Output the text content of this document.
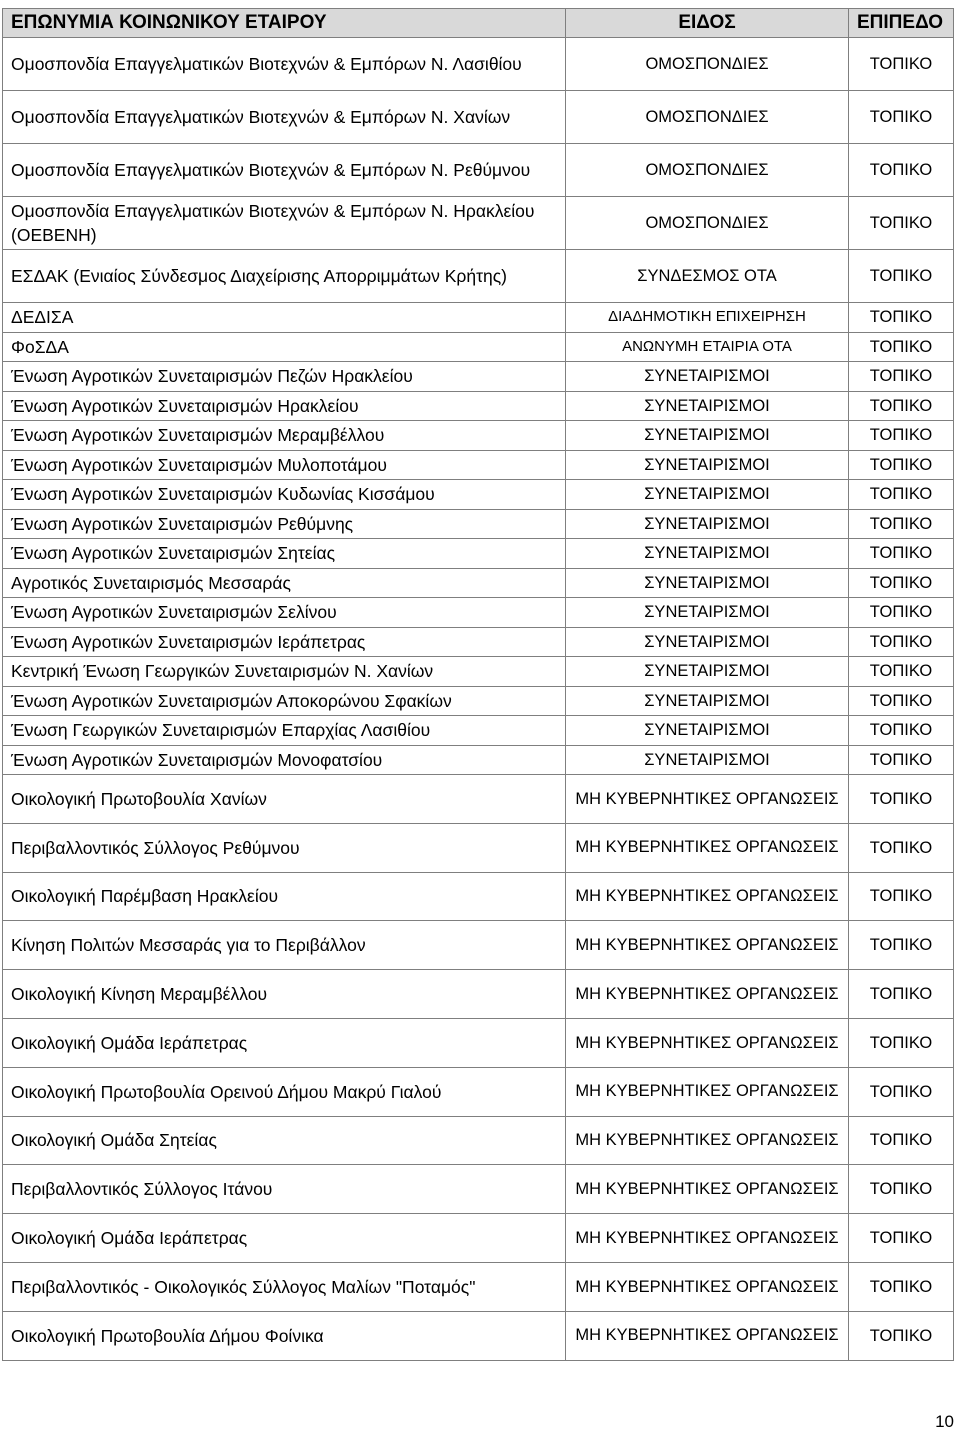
ΕΠΩΝΥΜΙΑ ΚΟΙΝΩΝΙΚΟΥ ΕΤΑΙΡΟΥ	ΕΙΔΟΣ	ΕΠΙΠΕΔΟ
Ομοσπονδία Επαγγελματικών Βιοτεχνών & Εμπόρων Ν. Λασιθίου	ΟΜΟΣΠΟΝΔΙΕΣ	ΤΟΠΙΚΟ
Ομοσπονδία Επαγγελματικών Βιοτεχνών & Εμπόρων Ν. Χανίων	ΟΜΟΣΠΟΝΔΙΕΣ	ΤΟΠΙΚΟ
Ομοσπονδία Επαγγελματικών Βιοτεχνών & Εμπόρων Ν. Ρεθύμνου	ΟΜΟΣΠΟΝΔΙΕΣ	ΤΟΠΙΚΟ
Ομοσπονδία Επαγγελματικών Βιοτεχνών & Εμπόρων Ν. Ηρακλείου (ΟΕΒΕΝΗ)	ΟΜΟΣΠΟΝΔΙΕΣ	ΤΟΠΙΚΟ
ΕΣΔΑΚ (Ενιαίος Σύνδεσμος Διαχείρισης Απορριμμάτων Κρήτης)	ΣΥΝΔΕΣΜΟΣ ΟΤΑ	ΤΟΠΙΚΟ
ΔΕΔΙΣΑ	ΔΙΑΔΗΜΟΤΙΚΗ ΕΠΙΧΕΙΡΗΣΗ	ΤΟΠΙΚΟ
ΦοΣΔΑ	ΑΝΩΝΥΜΗ ΕΤΑΙΡΙΑ ΟΤΑ	ΤΟΠΙΚΟ
Ένωση Αγροτικών Συνεταιρισμών Πεζών Ηρακλείου	ΣΥΝΕΤΑΙΡΙΣΜΟΙ	ΤΟΠΙΚΟ
Ένωση Αγροτικών Συνεταιρισμών Ηρακλείου	ΣΥΝΕΤΑΙΡΙΣΜΟΙ	ΤΟΠΙΚΟ
Ένωση Αγροτικών Συνεταιρισμών Μεραμβέλλου	ΣΥΝΕΤΑΙΡΙΣΜΟΙ	ΤΟΠΙΚΟ
Ένωση Αγροτικών Συνεταιρισμών Μυλοποτάμου	ΣΥΝΕΤΑΙΡΙΣΜΟΙ	ΤΟΠΙΚΟ
Ένωση Αγροτικών Συνεταιρισμών Κυδωνίας Κισσάμου	ΣΥΝΕΤΑΙΡΙΣΜΟΙ	ΤΟΠΙΚΟ
Ένωση Αγροτικών Συνεταιρισμών Ρεθύμνης	ΣΥΝΕΤΑΙΡΙΣΜΟΙ	ΤΟΠΙΚΟ
Ένωση Αγροτικών Συνεταιρισμών Σητείας	ΣΥΝΕΤΑΙΡΙΣΜΟΙ	ΤΟΠΙΚΟ
Αγροτικός Συνεταιρισμός Μεσσαράς	ΣΥΝΕΤΑΙΡΙΣΜΟΙ	ΤΟΠΙΚΟ
Ένωση Αγροτικών Συνεταιρισμών Σελίνου	ΣΥΝΕΤΑΙΡΙΣΜΟΙ	ΤΟΠΙΚΟ
Ένωση Αγροτικών Συνεταιρισμών Ιεράπετρας	ΣΥΝΕΤΑΙΡΙΣΜΟΙ	ΤΟΠΙΚΟ
Κεντρική Ένωση Γεωργικών Συνεταιρισμών Ν. Χανίων	ΣΥΝΕΤΑΙΡΙΣΜΟΙ	ΤΟΠΙΚΟ
Ένωση Αγροτικών Συνεταιρισμών Αποκορώνου Σφακίων	ΣΥΝΕΤΑΙΡΙΣΜΟΙ	ΤΟΠΙΚΟ
Ένωση Γεωργικών Συνεταιρισμών Επαρχίας Λασιθίου	ΣΥΝΕΤΑΙΡΙΣΜΟΙ	ΤΟΠΙΚΟ
Ένωση Αγροτικών Συνεταιρισμών Μονοφατσίου	ΣΥΝΕΤΑΙΡΙΣΜΟΙ	ΤΟΠΙΚΟ
Οικολογική Πρωτοβουλία Χανίων	ΜΗ ΚΥΒΕΡΝΗΤΙΚΕΣ ΟΡΓΑΝΩΣΕΙΣ	ΤΟΠΙΚΟ
Περιβαλλοντικός Σύλλογος Ρεθύμνου	ΜΗ ΚΥΒΕΡΝΗΤΙΚΕΣ ΟΡΓΑΝΩΣΕΙΣ	ΤΟΠΙΚΟ
Οικολογική Παρέμβαση Ηρακλείου	ΜΗ ΚΥΒΕΡΝΗΤΙΚΕΣ ΟΡΓΑΝΩΣΕΙΣ	ΤΟΠΙΚΟ
Κίνηση Πολιτών Μεσσαράς για το Περιβάλλον	ΜΗ ΚΥΒΕΡΝΗΤΙΚΕΣ ΟΡΓΑΝΩΣΕΙΣ	ΤΟΠΙΚΟ
Οικολογική Κίνηση Μεραμβέλλου	ΜΗ ΚΥΒΕΡΝΗΤΙΚΕΣ ΟΡΓΑΝΩΣΕΙΣ	ΤΟΠΙΚΟ
Οικολογική Ομάδα Ιεράπετρας	ΜΗ ΚΥΒΕΡΝΗΤΙΚΕΣ ΟΡΓΑΝΩΣΕΙΣ	ΤΟΠΙΚΟ
Οικολογική Πρωτοβουλία Ορεινού Δήμου Μακρύ Γιαλού	ΜΗ ΚΥΒΕΡΝΗΤΙΚΕΣ ΟΡΓΑΝΩΣΕΙΣ	ΤΟΠΙΚΟ
Οικολογική Ομάδα Σητείας	ΜΗ ΚΥΒΕΡΝΗΤΙΚΕΣ ΟΡΓΑΝΩΣΕΙΣ	ΤΟΠΙΚΟ
Περιβαλλοντικός Σύλλογος Ιτάνου	ΜΗ ΚΥΒΕΡΝΗΤΙΚΕΣ ΟΡΓΑΝΩΣΕΙΣ	ΤΟΠΙΚΟ
Οικολογική Ομάδα Ιεράπετρας	ΜΗ ΚΥΒΕΡΝΗΤΙΚΕΣ ΟΡΓΑΝΩΣΕΙΣ	ΤΟΠΙΚΟ
Περιβαλλοντικός - Οικολογικός Σύλλογος Μαλίων "Ποταμός"	ΜΗ ΚΥΒΕΡΝΗΤΙΚΕΣ ΟΡΓΑΝΩΣΕΙΣ	ΤΟΠΙΚΟ
Οικολογική Πρωτοβουλία Δήμου Φοίνικα	ΜΗ ΚΥΒΕΡΝΗΤΙΚΕΣ ΟΡΓΑΝΩΣΕΙΣ	ΤΟΠΙΚΟ
10
